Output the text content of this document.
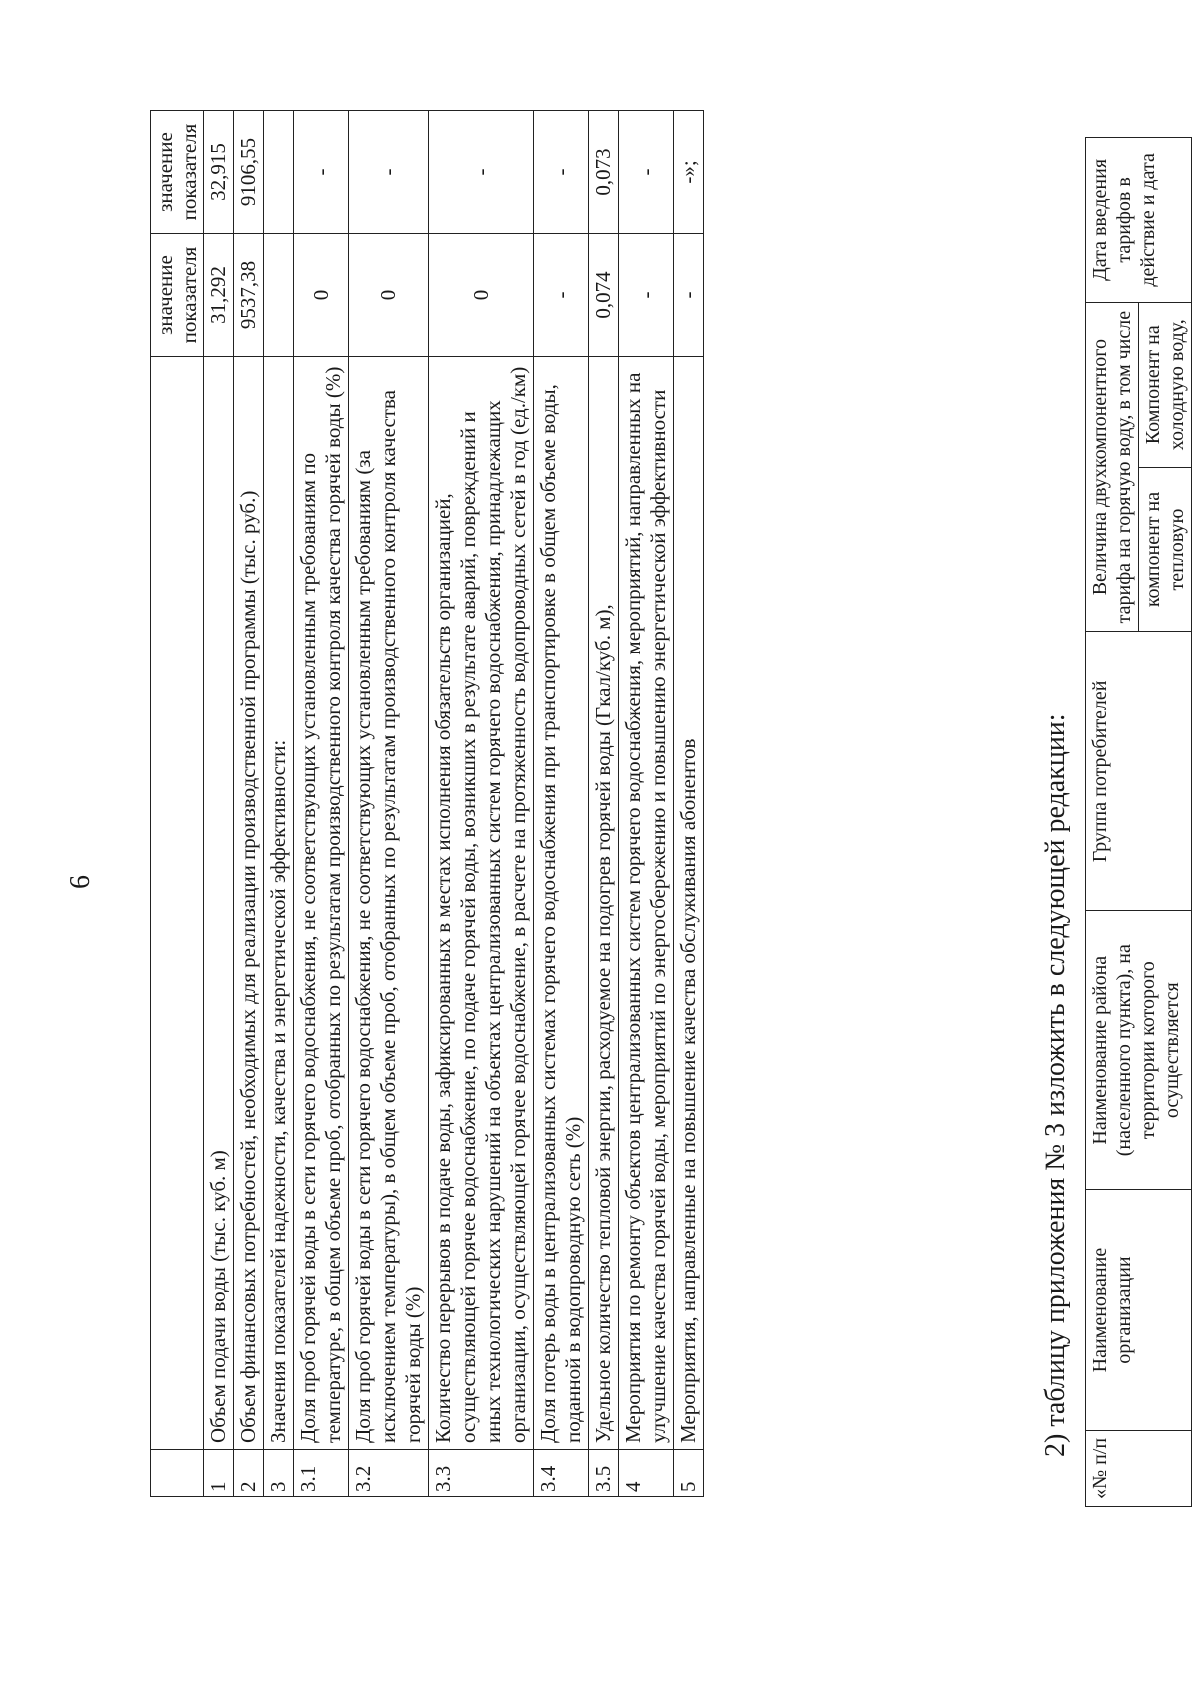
6
		значение показателя	значение показателя
1	Объем подачи воды (тыс. куб. м)	31,292	32,915
2	Объем финансовых потребностей, необходимых для реализации производственной программы (тыс. руб.)	9537,38	9106,55
3	Значения показателей надежности, качества и энергетической эффективности:		
3.1	Доля проб горячей воды в сети горячего водоснабжения, не соответствующих установленным требованиям по температуре, в общем объеме проб, отобранных по результатам производственного контроля качества горячей воды (%)	0	-
3.2	Доля проб горячей воды в сети горячего водоснабжения, не соответствующих установленным требованиям (за исключением температуры), в общем объеме проб, отобранных по результатам производственного контроля качества горячей воды (%)	0	-
3.3	Количество перерывов в подаче воды, зафиксированных в местах исполнения обязательств организацией, осуществляющей горячее водоснабжение, по подаче горячей воды, возникших в результате аварий, повреждений и иных технологических нарушений на объектах централизованных систем горячего водоснабжения, принадлежащих организации, осуществляющей горячее водоснабжение, в расчете на протяженность водопроводных сетей в год (ед./км)	0	-
3.4	Доля потерь воды в централизованных системах горячего водоснабжения при транспортировке в общем объеме воды, поданной в водопроводную сеть (%)	-	-
3.5	Удельное количество тепловой энергии, расходуемое на подогрев горячей воды (Гкал/куб. м),	0,074	0,073
4	Мероприятия по ремонту объектов централизованных систем горячего водоснабжения, мероприятий, направленных на улучшение качества горячей воды, мероприятий по энергосбережению и повышению энергетической эффективности	-	-
5	Мероприятия, направленные на повышение качества обслуживания абонентов	-	-»;
2) таблицу приложения № 3 изложить в следующей редакции:
«№ п/п	Наименование организации	Наименование района (населенного пункта), на территории которого осуществляется	Группа потребителей	Величина двухкомпонентного тарифа на горячую воду, в том числе		Дата введения тарифов в действие и дата
				компонент на тепловую	Компонент на холодную воду,	
